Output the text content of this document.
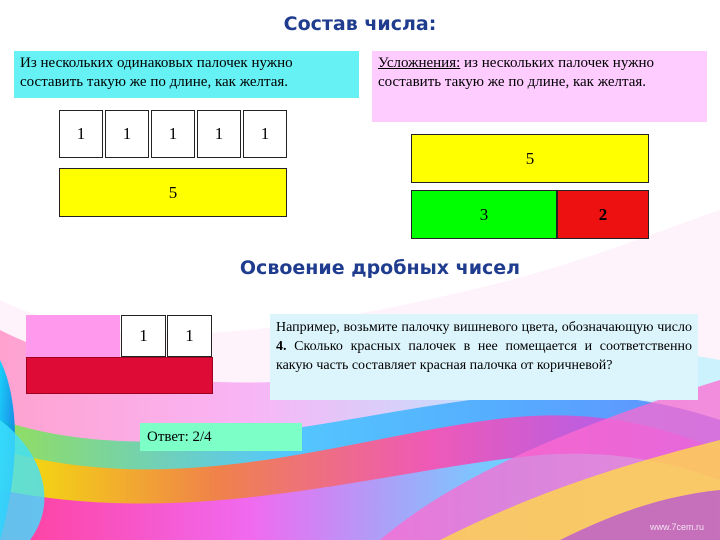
Состав числа:
Из нескольких одинаковых палочек нужно составить такую же по длине, как желтая.
Усложнения: из нескольких палочек нужно составить такую же по длине, как желтая.
1	1	1	1	1
5
5
3	2
Освоение дробных чисел
1	1	Например, возьмите палочку вишневого цвета, обозначающую число 4. Сколько красных палочек в нее помещается и соответственно какую часть составляет красная палочка от коричневой?
Ответ: 2/4
www.7cem.ru
